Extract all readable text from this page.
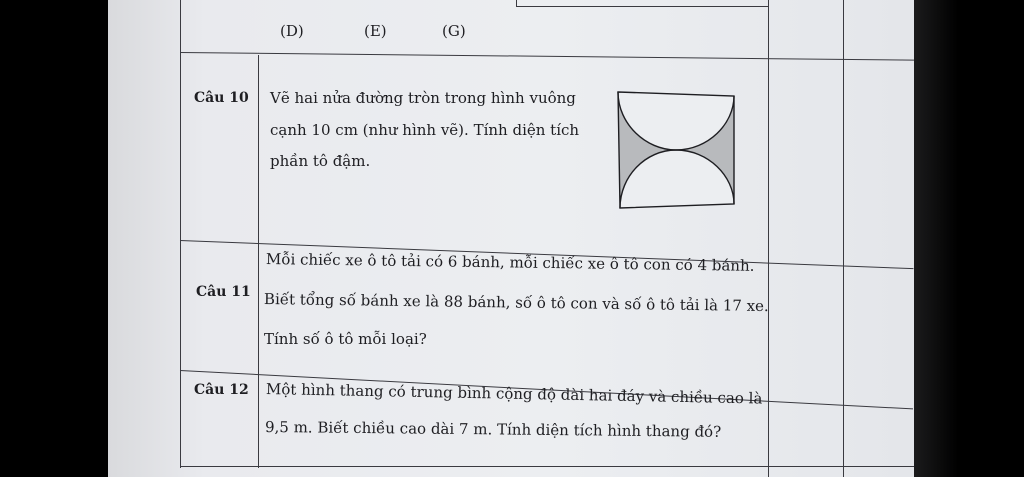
(D)	(E)	(G)

Câu 10 Vẽ hai nửa đường tròn trong hình vuông

cạnh 10 cm (như hình vẽ). Tính diện tích

phần tô đậm.

Câu 11

Mỗi chiếc xe ô tô tải có 6 bánh, mỗi chiếc xe ô tô con có 4 bánh.

Biết tổng số bánh xe là 88 bánh, số ô tô con và số ô tô tải là 17 xe.

Tính số ô tô mỗi loại?

Câu 12 Một hình thang có trung bình cộng độ dài hai đáy và chiều cao là

9,5 m. Biết chiều cao dài 7 m. Tính diện tích hình thang đó?
